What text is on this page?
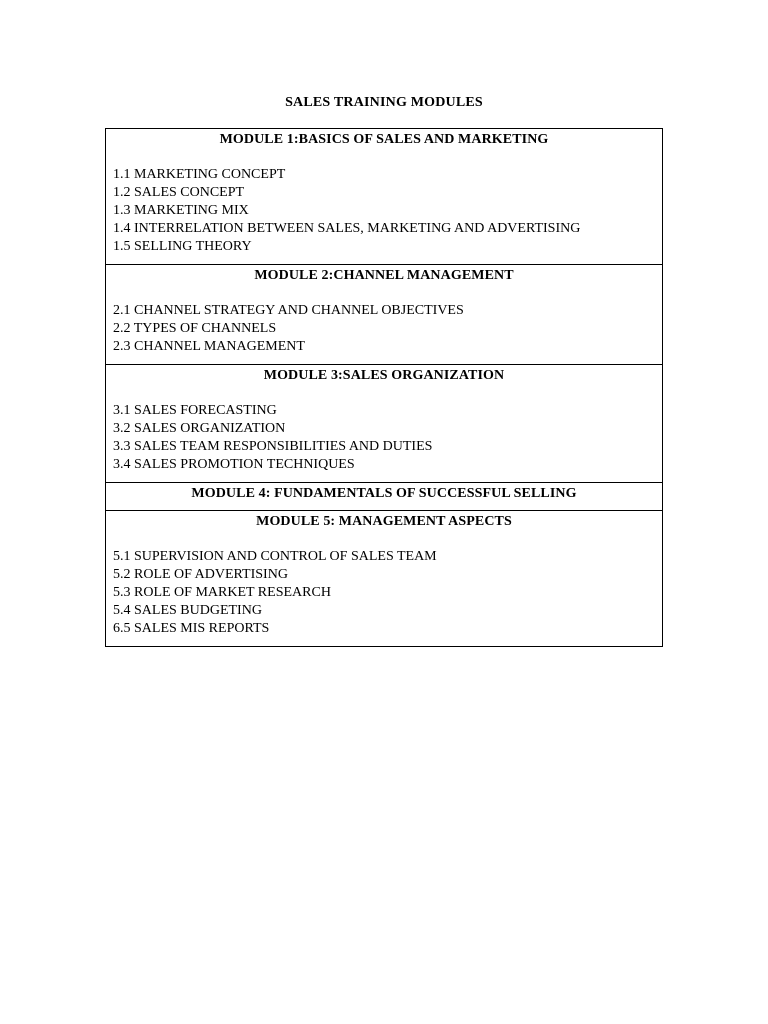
SALES TRAINING MODULES
MODULE 1:BASICS OF SALES AND MARKETING
1.1 MARKETING CONCEPT
1.2 SALES CONCEPT
1.3 MARKETING MIX
1.4 INTERRELATION BETWEEN SALES, MARKETING AND ADVERTISING
1.5 SELLING THEORY
MODULE 2:CHANNEL MANAGEMENT
2.1 CHANNEL STRATEGY AND CHANNEL OBJECTIVES
2.2 TYPES OF CHANNELS
2.3 CHANNEL MANAGEMENT
MODULE 3:SALES ORGANIZATION
3.1 SALES FORECASTING
3.2 SALES ORGANIZATION
3.3 SALES TEAM RESPONSIBILITIES AND DUTIES
3.4 SALES PROMOTION TECHNIQUES
MODULE 4: FUNDAMENTALS OF SUCCESSFUL SELLING
MODULE 5: MANAGEMENT ASPECTS
5.1 SUPERVISION AND CONTROL OF SALES TEAM
5.2 ROLE OF ADVERTISING
5.3 ROLE OF MARKET RESEARCH
5.4 SALES BUDGETING
6.5 SALES MIS REPORTS
